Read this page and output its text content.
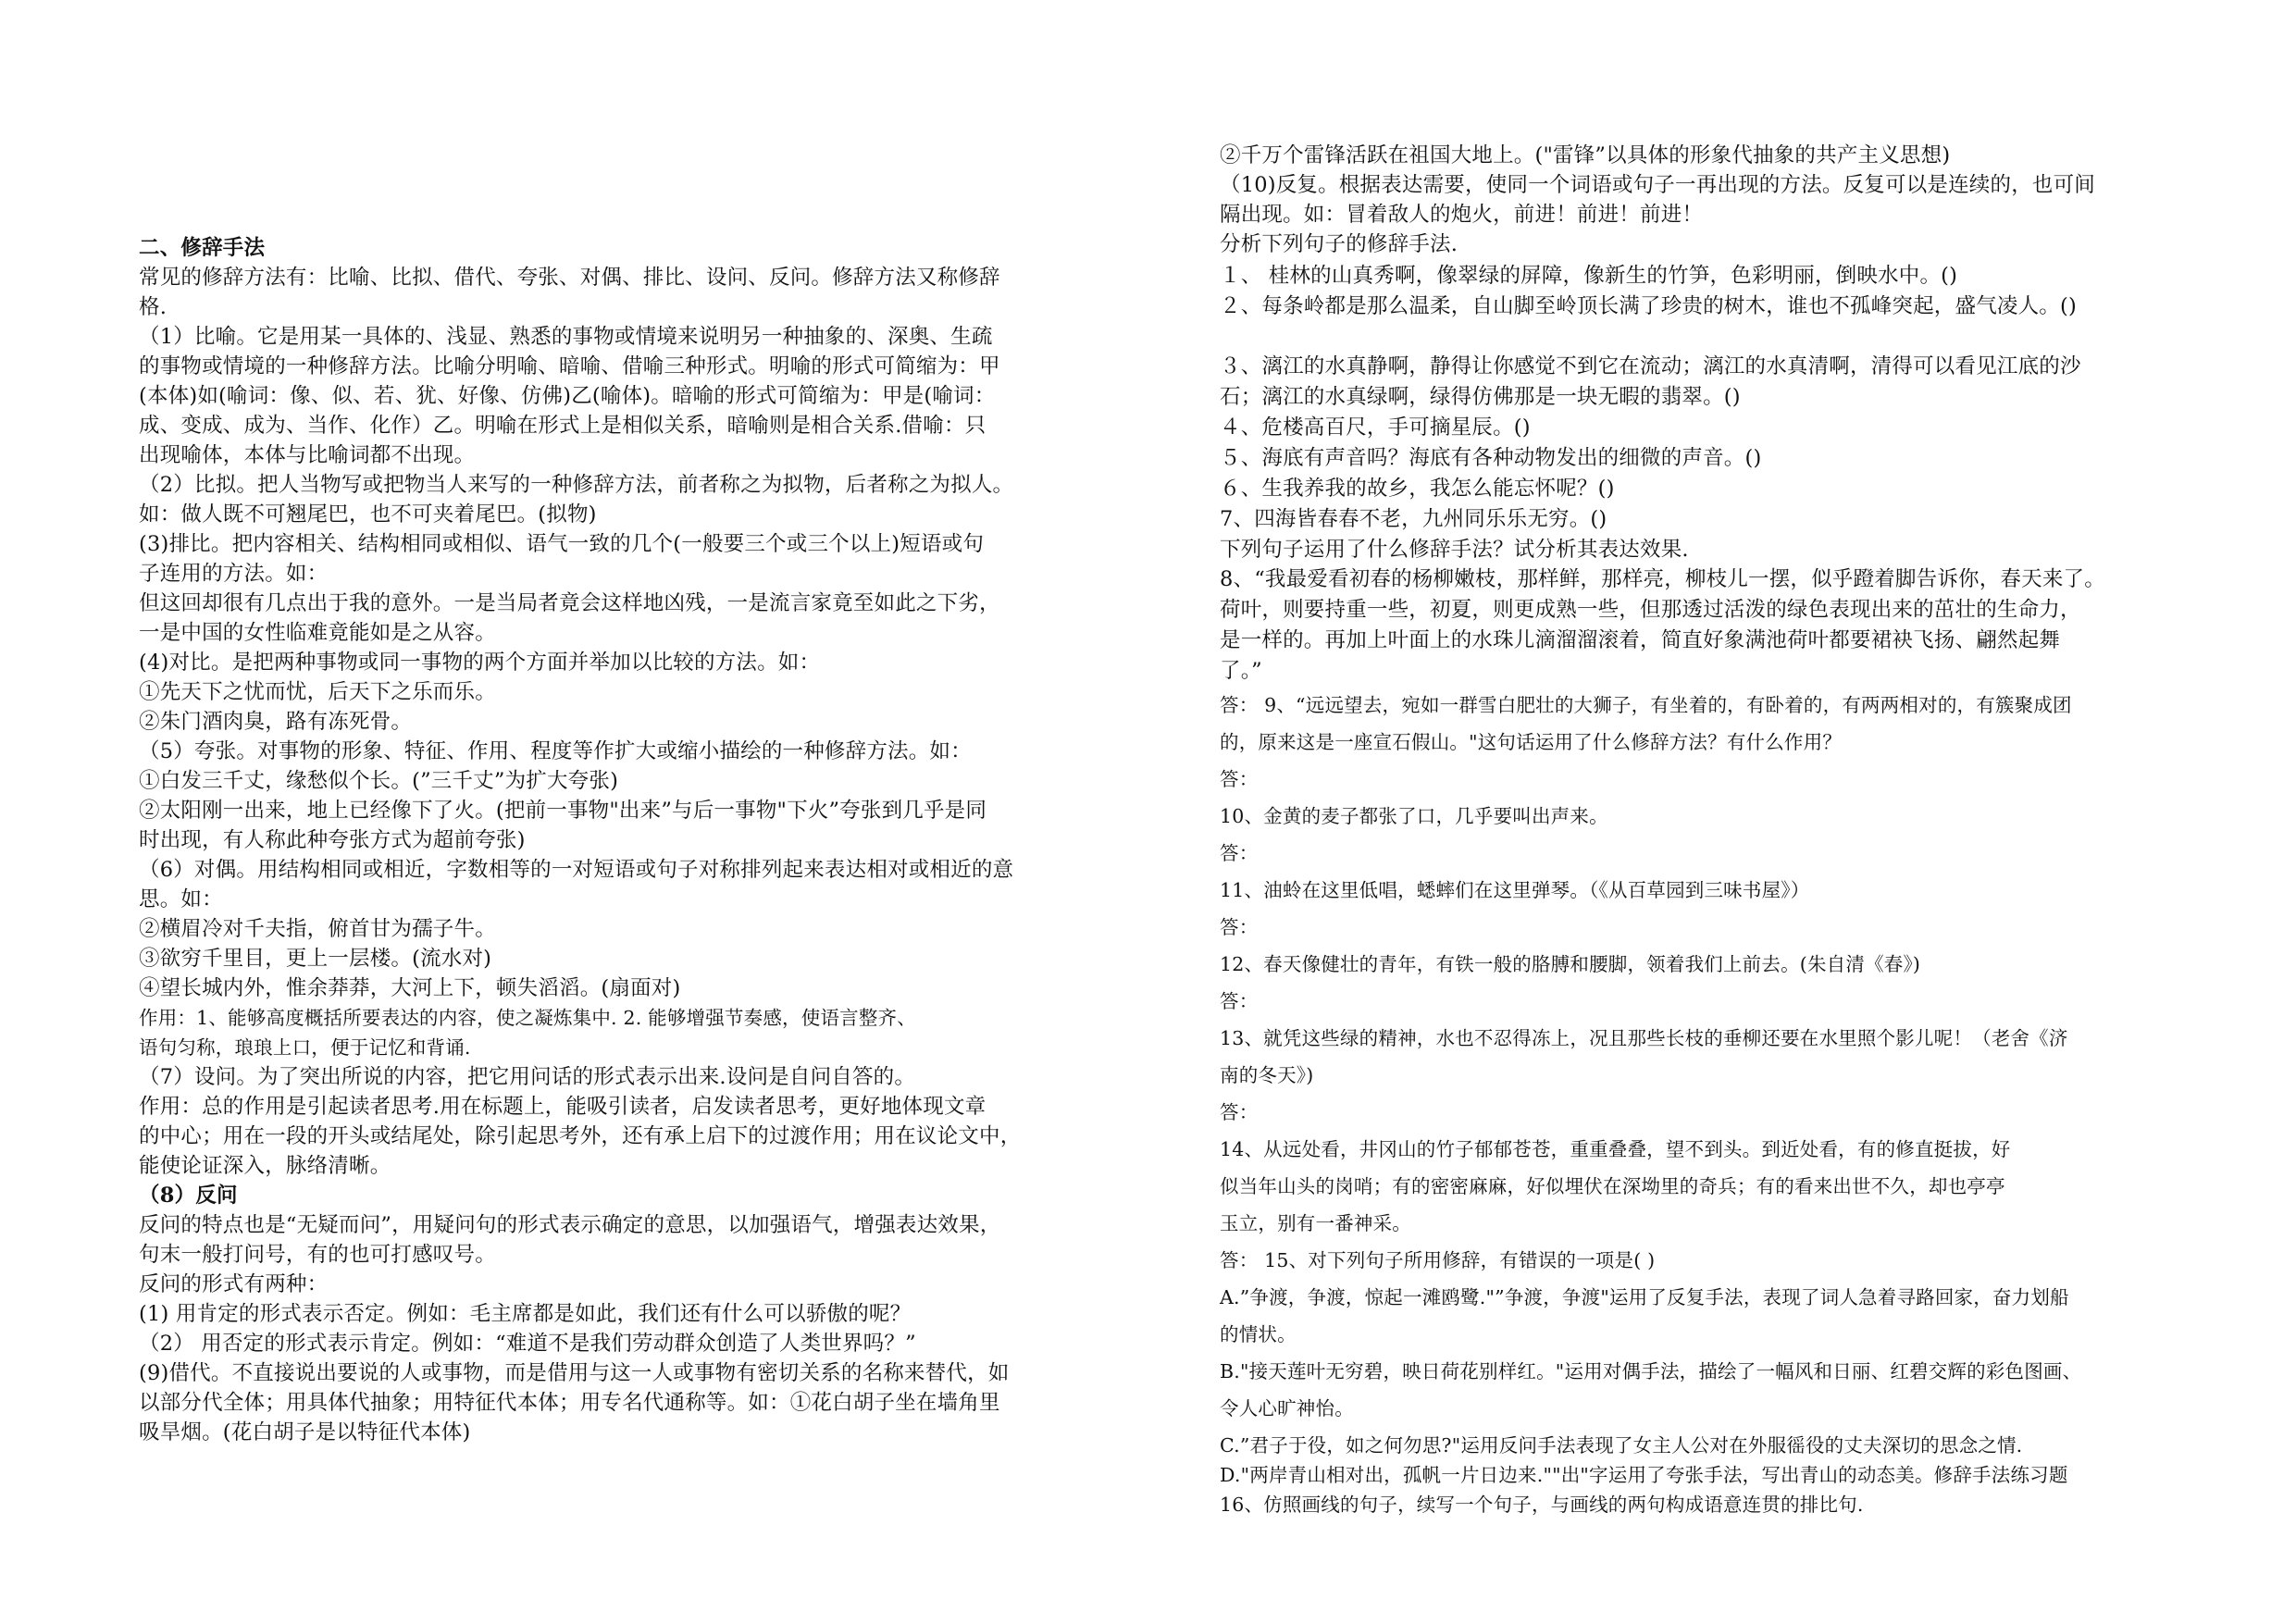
二、修辞手法
常见的修辞方法有：比喻、比拟、借代、夸张、对偶、排比、设问、反问。修辞方法又称修辞
格.
（1）比喻。它是用某一具体的、浅显、熟悉的事物或情境来说明另一种抽象的、深奥、生疏
的事物或情境的一种修辞方法。比喻分明喻、暗喻、借喻三种形式。明喻的形式可简缩为：甲
(本体)如(喻词：像、似、若、犹、好像、仿佛)乙(喻体)。暗喻的形式可简缩为：甲是(喻词：
成、变成、成为、当作、化作）乙。明喻在形式上是相似关系，暗喻则是相合关系.借喻：只
出现喻体，本体与比喻词都不出现。
（2）比拟。把人当物写或把物当人来写的一种修辞方法，前者称之为拟物，后者称之为拟人。
如：做人既不可翘尾巴，也不可夹着尾巴。(拟物)
(3)排比。把内容相关、结构相同或相似、语气一致的几个(一般要三个或三个以上)短语或句
子连用的方法。如：
但这回却很有几点出于我的意外。一是当局者竟会这样地凶残，一是流言家竟至如此之下劣，
一是中国的女性临难竟能如是之从容。
(4)对比。是把两种事物或同一事物的两个方面并举加以比较的方法。如：
①先天下之忧而忧，后天下之乐而乐。
②朱门酒肉臭，路有冻死骨。
（5）夸张。对事物的形象、特征、作用、程度等作扩大或缩小描绘的一种修辞方法。如：
①白发三千丈，缘愁似个长。(”三千丈”为扩大夸张)
②太阳刚一出来，地上已经像下了火。(把前一事物"出来”与后一事物"下火”夸张到几乎是同
时出现，有人称此种夸张方式为超前夸张)
（6）对偶。用结构相同或相近，字数相等的一对短语或句子对称排列起来表达相对或相近的意
思。如：
②横眉冷对千夫指，俯首甘为孺子牛。
③欲穷千里目，更上一层楼。(流水对)
④望长城内外，惟余莽莽，大河上下，顿失滔滔。(扇面对)
作用：1、能够高度概括所要表达的内容，使之凝炼集中. 2. 能够增强节奏感，使语言整齐、
语句匀称，琅琅上口，便于记忆和背诵.
（7）设问。为了突出所说的内容，把它用问话的形式表示出来.设问是自问自答的。
作用：总的作用是引起读者思考.用在标题上，能吸引读者，启发读者思考，更好地体现文章
的中心；用在一段的开头或结尾处，除引起思考外，还有承上启下的过渡作用；用在议论文中，
能使论证深入，脉络清晰。
（8）反问
反问的特点也是“无疑而问”，用疑问句的形式表示确定的意思，以加强语气，增强表达效果，
句末一般打问号，有的也可打感叹号。
反问的形式有两种：
(1) 用肯定的形式表示否定。例如：毛主席都是如此，我们还有什么可以骄傲的呢？
（2） 用否定的形式表示肯定。例如：“难道不是我们劳动群众创造了人类世界吗？”
(9)借代。不直接说出要说的人或事物，而是借用与这一人或事物有密切关系的名称来替代，如
以部分代全体；用具体代抽象；用特征代本体；用专名代通称等。如：①花白胡子坐在墙角里
吸旱烟。(花白胡子是以特征代本体)
②千万个雷锋活跃在祖国大地上。("雷锋”以具体的形象代抽象的共产主义思想)
（10)反复。根据表达需要，使同一个词语或句子一再出现的方法。反复可以是连续的，也可间
隔出现。如：冒着敌人的炮火，前进！前进！前进！
分析下列句子的修辞手法.
１、 桂林的山真秀啊，像翠绿的屏障，像新生的竹笋，色彩明丽，倒映水中。()
２、每条岭都是那么温柔，自山脚至岭顶长满了珍贵的树木，谁也不孤峰突起，盛气凌人。()
３、漓江的水真静啊，静得让你感觉不到它在流动；漓江的水真清啊，清得可以看见江底的沙
石；漓江的水真绿啊，绿得仿佛那是一块无暇的翡翠。()
４、危楼高百尺，手可摘星辰。()
５、海底有声音吗？海底有各种动物发出的细微的声音。()
６、生我养我的故乡，我怎么能忘怀呢？()
7、四海皆春春不老，九州同乐乐无穷。()
下列句子运用了什么修辞手法？试分析其表达效果.
8、“我最爱看初春的杨柳嫩枝，那样鲜，那样亮，柳枝儿一摆，似乎蹬着脚告诉你，春天来了。
荷叶，则要持重一些，初夏，则更成熟一些，但那透过活泼的绿色表现出来的茁壮的生命力，
是一样的。再加上叶面上的水珠儿滴溜溜滚着，简直好象满池荷叶都要裙袂飞扬、翩然起舞
了。”
答： 9、“远远望去，宛如一群雪白肥壮的大狮子，有坐着的，有卧着的，有两两相对的，有簇聚成团
的，原来这是一座宣石假山。"这句话运用了什么修辞方法？有什么作用？
答：
10、金黄的麦子都张了口，几乎要叫出声来。
答：
11、油蛉在这里低唱，蟋蟀们在这里弹琴。（《从百草园到三味书屋》）
答：
12、春天像健壮的青年，有铁一般的胳膊和腰脚，领着我们上前去。(朱自清《春》)
答：
13、就凭这些绿的精神，水也不忍得冻上，况且那些长枝的垂柳还要在水里照个影儿呢！（老舍《济
南的冬天》)
答：
14、从远处看，井冈山的竹子郁郁苍苍，重重叠叠，望不到头。到近处看，有的修直挺拔，好
似当年山头的岗哨；有的密密麻麻，好似埋伏在深坳里的奇兵；有的看来出世不久，却也亭亭
玉立，别有一番神采。
答： 15、对下列句子所用修辞，有错误的一项是( )
A.”争渡，争渡，惊起一滩鸥鹭."”争渡，争渡"运用了反复手法，表现了词人急着寻路回家，奋力划船
的情状。
B."接天莲叶无穷碧，映日荷花别样红。"运用对偶手法，描绘了一幅风和日丽、红碧交辉的彩色图画、
令人心旷神怡。
C.”君子于役，如之何勿思?"运用反问手法表现了女主人公对在外服徭役的丈夫深切的思念之情.
D."两岸青山相对出，孤帆一片日边来.""出"字运用了夸张手法，写出青山的动态美。修辞手法练习题
16、仿照画线的句子，续写一个句子，与画线的两句构成语意连贯的排比句.
